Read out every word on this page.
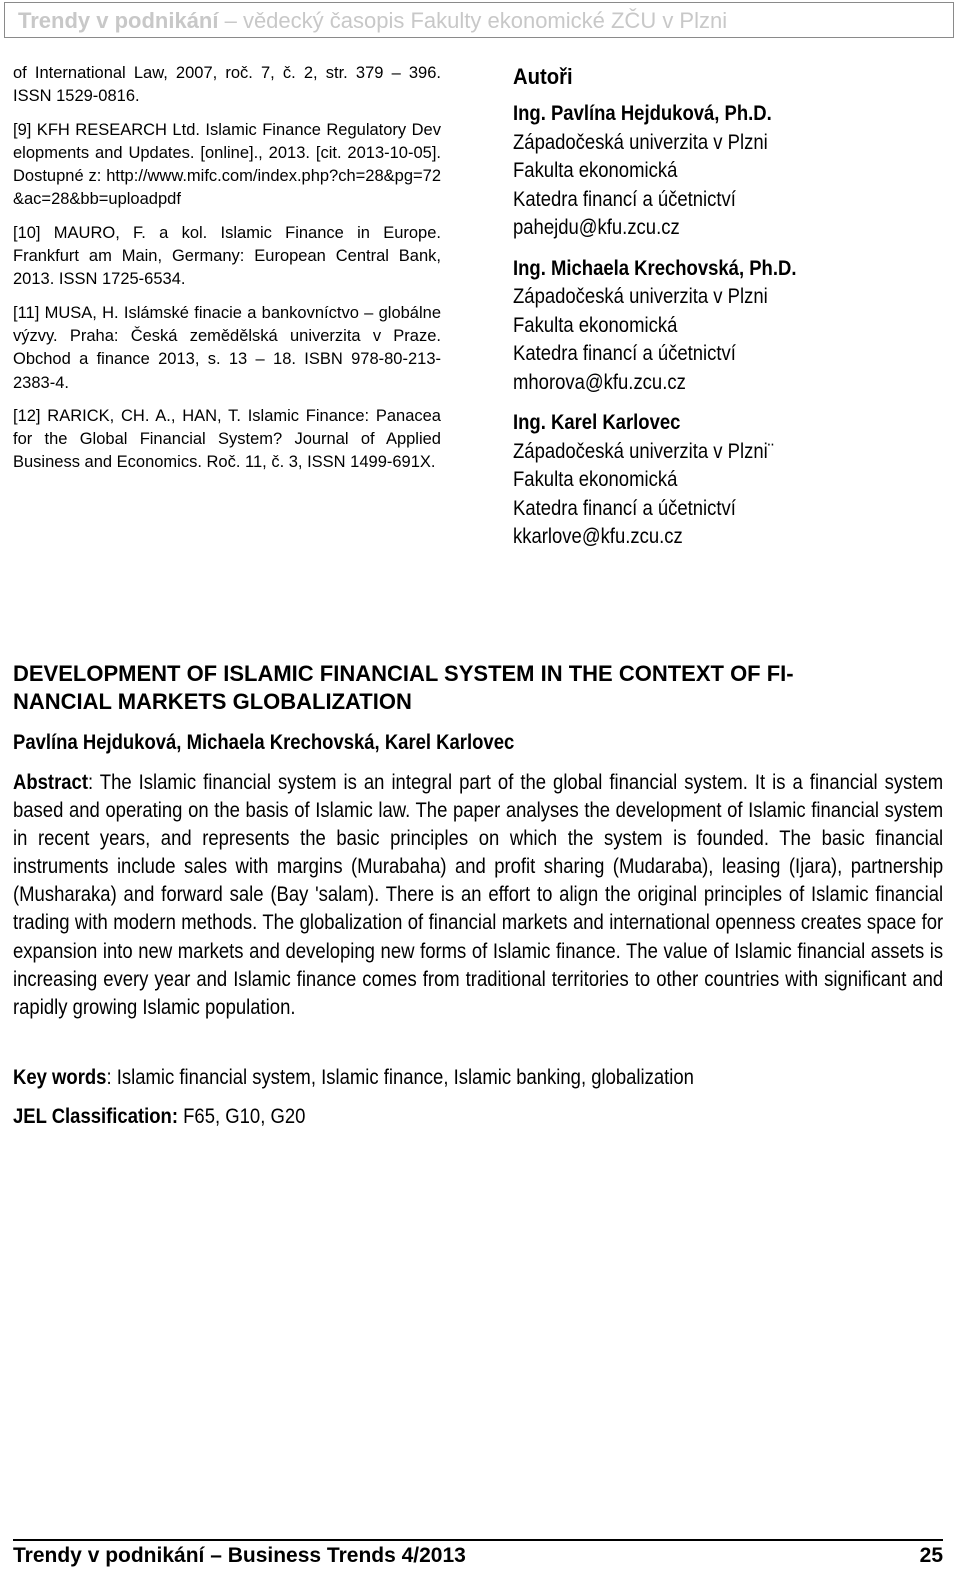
Trendy v podnikání – vědecký časopis Fakulty ekonomické ZČU v Plzni
of International Law, 2007, roč. 7, č. 2, str. 379 – 396. ISSN 1529-0816.
[9] KFH RESEARCH Ltd. Islamic Finance Regulatory Developments and Updates. [online]., 2013. [cit. 2013-10-05]. Dostupné z: http://www.mifc.com/index.php?ch=28&pg=72&ac=28&bb=uploadpdf
[10] MAURO, F. a kol. Islamic Finance in Europe. Frankfurt am Main, Germany: European Central Bank, 2013. ISSN 1725-6534.
[11] MUSA, H. Islámské finacie a bankovníctvo – globálne výzvy. Praha: Česká zemědělská univerzita v Praze. Obchod a finance 2013, s. 13 – 18. ISBN 978-80-213-2383-4.
[12] RARICK, CH. A., HAN, T. Islamic Finance: Panacea for the Global Financial System? Journal of Applied Business and Economics. Roč. 11, č. 3, ISSN 1499-691X.
Autoři
Ing. Pavlína Hejduková, Ph.D.
Západočeská univerzita v Plzni
Fakulta ekonomická
Katedra financí a účetnictví
pahejdu@kfu.zcu.cz
Ing. Michaela Krechovská, Ph.D.
Západočeská univerzita v Plzni
Fakulta ekonomická
Katedra financí a účetnictví
mhorova@kfu.zcu.cz
Ing. Karel Karlovec
Západočeská univerzita v Plzni¨
Fakulta ekonomická
Katedra financí a účetnictví
kkarlove@kfu.zcu.cz
DEVELOPMENT OF ISLAMIC FINANCIAL SYSTEM IN THE CONTEXT OF FI-
NANCIAL MARKETS GLOBALIZATION
Pavlína Hejduková, Michaela Krechovská, Karel Karlovec
Abstract: The Islamic financial system is an integral part of the global financial system. It is a financial system based and operating on the basis of Islamic law. The paper analyses the development of Islamic financial system in recent years, and represents the basic principles on which the system is founded. The basic financial instruments include sales with margins (Murabaha) and profit sharing (Mudaraba), leasing (Ijara), partnership (Musharaka) and forward sale (Bay 'salam). There is an effort to align the original principles of Islamic financial trading with modern methods. The globalization of financial markets and international openness creates space for expansion into new markets and developing new forms of Islamic finance. The value of Islamic financial assets is increasing every year and Islamic finance comes from traditional territories to other countries with significant and rapidly growing Islamic population.
Key words: Islamic financial system, Islamic finance, Islamic banking, globalization
JEL Classification: F65, G10, G20
Trendy v podnikání – Business Trends 4/2013	25
